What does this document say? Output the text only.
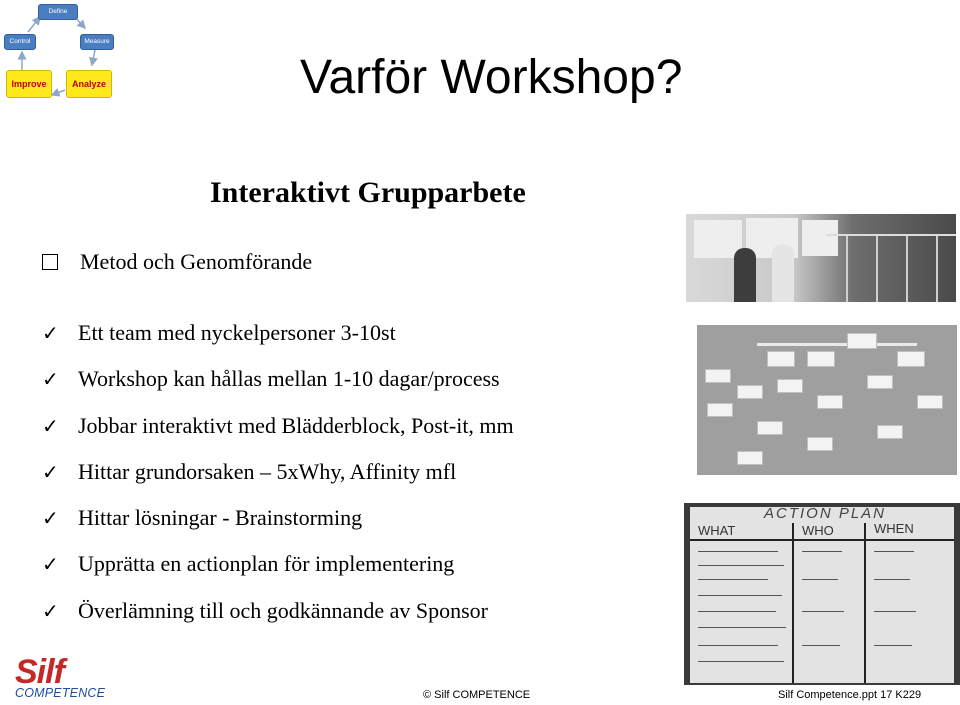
Define
Control	Measure
Improve	Analyze	Varför Workshop?
Interaktivt Grupparbete
Metod och Genomförande
✓ Ett team med nyckelpersoner 3-10st
✓ Workshop kan hållas mellan 1-10 dagar/process
✓ Jobbar interaktivt med Blädderblock, Post-it, mm
✓ Hittar grundorsaken – 5xWhy, Affinity mfl
✓ Hittar lösningar - Brainstorming
✓ Upprätta en actionplan för implementering
✓ Överlämning till och godkännande av Sponsor
ACTION PLAN
WHAT	WHO	WHEN
Silf
COMPETENCE	© Silf COMPETENCE	Silf Competence.ppt 17 K229
